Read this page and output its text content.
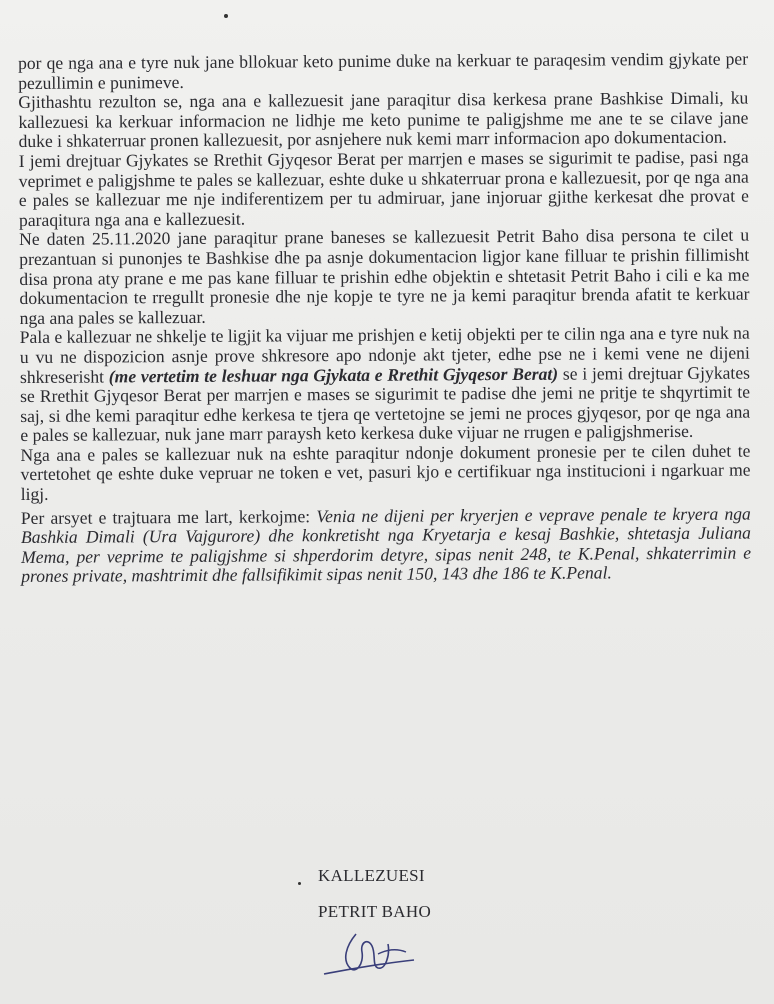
por qe nga ana e tyre nuk jane bllokuar keto punime duke na kerkuar te paraqesim vendim gjykate per pezullimin e punimeve.

Gjithashtu rezulton se, nga ana e kallezuesit jane paraqitur disa kerkesa prane Bashkise Dimali, ku kallezuesi ka kerkuar informacion ne lidhje me keto punime te paligjshme me ane te se cilave jane duke i shkaterruar pronen kallezuesit, por asnjehere nuk kemi marr informacion apo dokumentacion.

I jemi drejtuar Gjykates se Rrethit Gjyqesor Berat per marrjen e mases se sigurimit te padise, pasi nga veprimet e paligjshme te pales se kallezuar, eshte duke u shkaterruar prona e kallezuesit, por qe nga ana e pales se kallezuar me nje indiferentizem per tu admiruar, jane injoruar gjithe kerkesat dhe provat e paraqitura nga ana e kallezuesit.

Ne daten 25.11.2020 jane paraqitur prane baneses se kallezuesit Petrit Baho disa persona te cilet u prezantuan si punonjes te Bashkise dhe pa asnje dokumentacion ligjor kane filluar te prishin fillimisht disa prona aty prane e me pas kane filluar te prishin edhe objektin e shtetasit Petrit Baho i cili e ka me dokumentacion te rregullt pronesie dhe nje kopje te tyre ne ja kemi paraqitur brenda afatit te kerkuar nga ana pales se kallezuar.

Pala e kallezuar ne shkelje te ligjit ka vijuar me prishjen e ketij objekti per te cilin nga ana e tyre nuk na u vu ne dispozicion asnje prove shkresore apo ndonje akt tjeter, edhe pse ne i kemi vene ne dijeni shkreserisht (me vertetim te leshuar nga Gjykata e Rrethit Gjyqesor Berat) se i jemi drejtuar Gjykates se Rrethit Gjyqesor Berat per marrjen e mases se sigurimit te padise dhe jemi ne pritje te shqyrtimit te saj, si dhe kemi paraqitur edhe kerkesa te tjera qe vertetojne se jemi ne proces gjyqesor, por qe nga ana e pales se kallezuar, nuk jane marr paraysh keto kerkesa duke vijuar ne rrugen e paligjshmerise.

Nga ana e pales se kallezuar nuk na eshte paraqitur ndonje dokument pronesie per te cilen duhet te vertetohet qe eshte duke vepruar ne token e vet, pasuri kjo e certifikuar nga institucioni i ngarkuar me ligj.

Per arsyet e trajtuara me lart, kerkojme: Venia ne dijeni per kryerjen e veprave penale te kryera nga Bashkia Dimali (Ura Vajgurore) dhe konkretisht nga Kryetarja e kesaj Bashkie, shtetasja Juliana Mema, per veprime te paligjshme si shperdorim detyre, sipas nenit 248, te K.Penal, shkaterrimin e prones private, mashtrimit dhe fallsifikimit sipas nenit 150, 143 dhe 186 te K.Penal.

KALLEZUESI
PETRIT BAHO
